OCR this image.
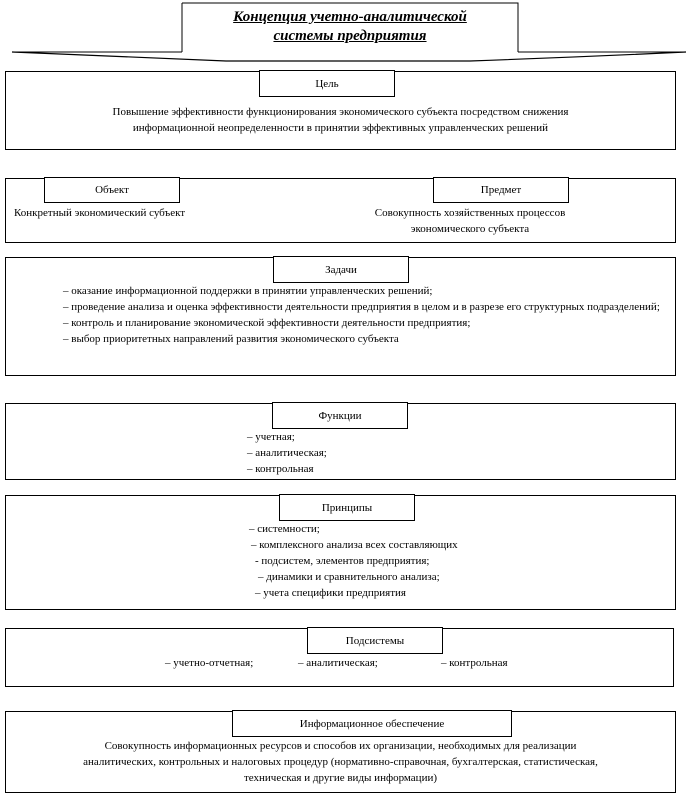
Концепция учетно-аналитической
системы предприятия
Цель
Повышение эффективности функционирования экономического субъекта посредством снижения
информационной неопределенности в принятии эффективных управленческих решений
Объект	Предмет
Конкретный экономический субъект	Совокупность хозяйственных процессов
экономического субъекта
Задачи
– оказание информационной поддержки в принятии управленческих решений;
– проведение анализа и оценка эффективности деятельности предприятия в целом и в разрезе его структурных подразделений;
– контроль и планирование экономической эффективности деятельности предприятия;
– выбор приоритетных направлений развития экономического субъекта
Функции
– учетная;
– аналитическая;
– контрольная
Принципы
– системности;
– комплексного анализа всех составляющих
- подсистем, элементов предприятия;
– динамики и сравнительного анализа;
– учета специфики предприятия
Подсистемы
– учетно-отчетная;	– аналитическая;	– контрольная
Информационное обеспечение
Совокупность информационных ресурсов и способов их организации, необходимых для реализации
аналитических, контрольных и налоговых процедур (нормативно-справочная, бухгалтерская, статистическая,
техническая и другие виды информации)
